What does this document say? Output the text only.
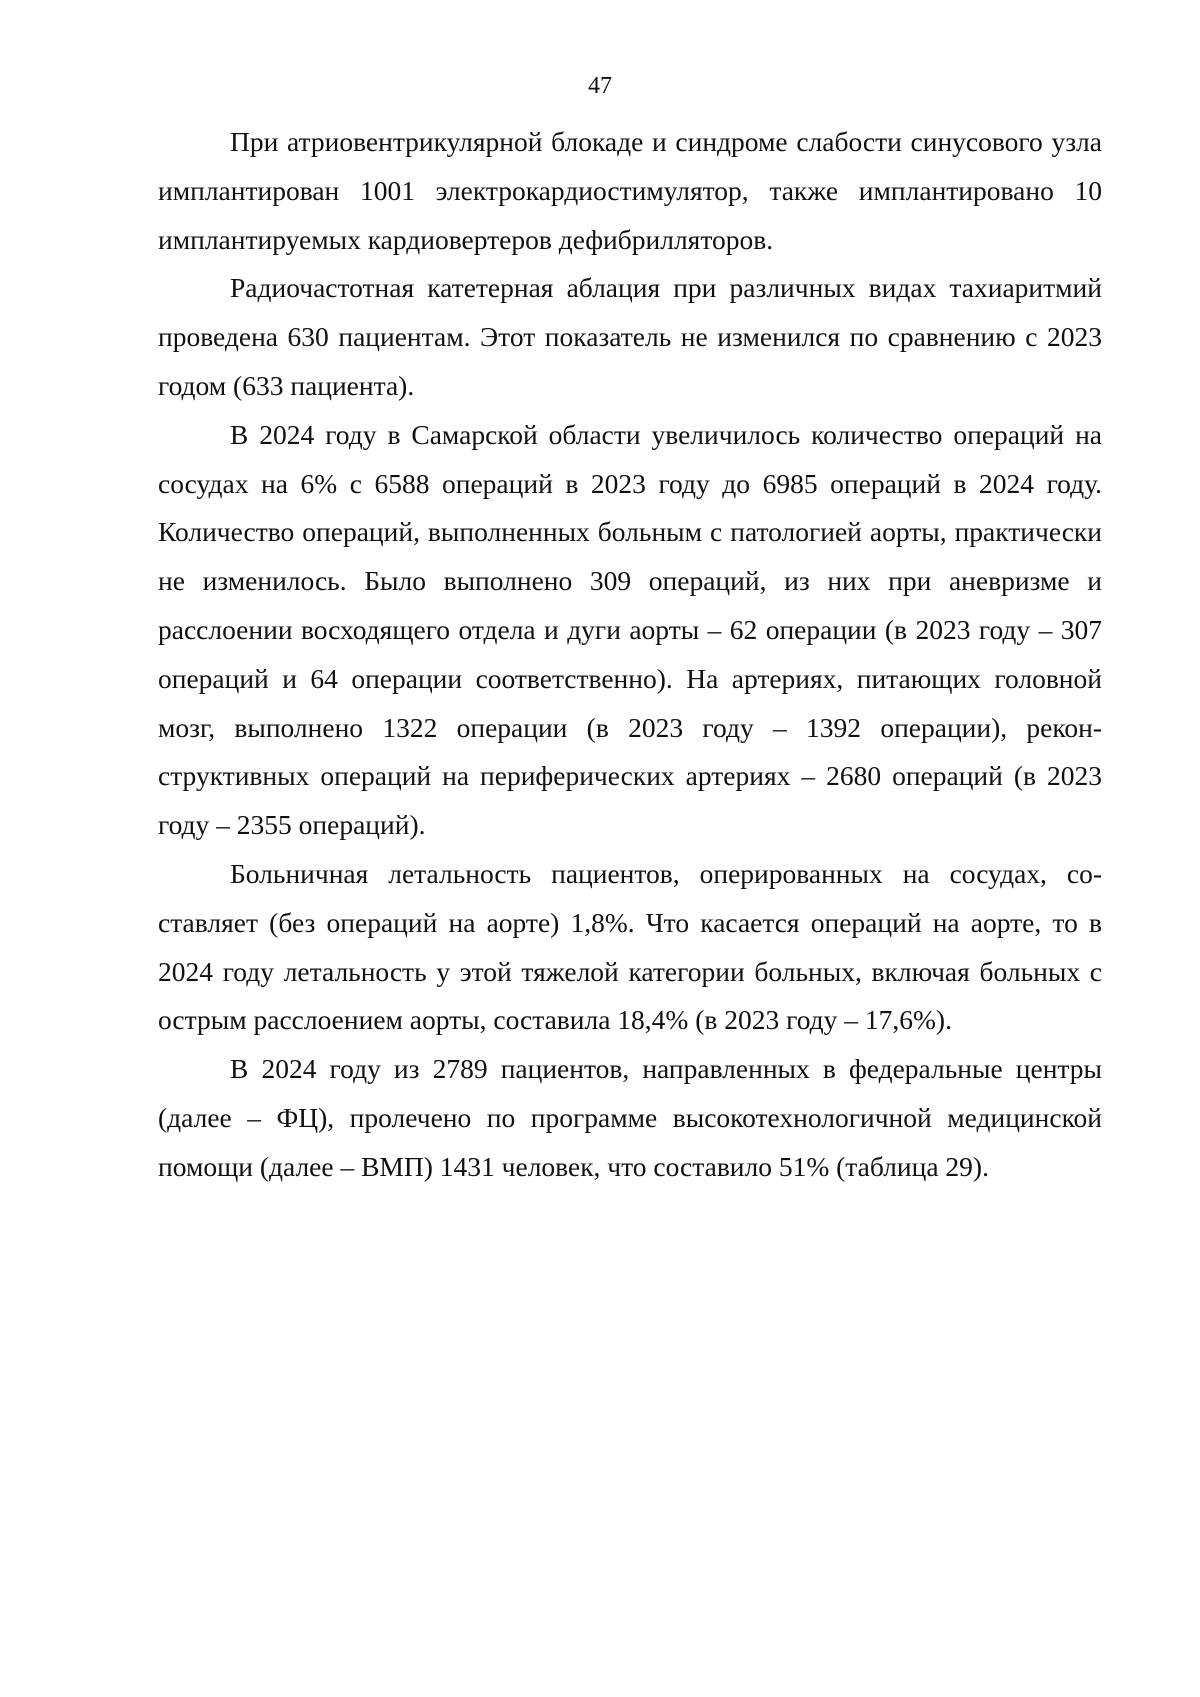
47

При атриовентрикулярной блокаде и синдроме слабости синусового узла имплантирован 1001 электрокардиостимулятор, также имплантировано 10 имплантируемых кардиовертеров дефибрилляторов.

Радиочастотная катетерная аблация при различных видах тахиаритмий проведена 630 пациентам. Этот показатель не изменился по сравнению с 2023 годом (633 пациента).

В 2024 году в Самарской области увеличилось количество операций на сосудах на 6% с 6588 операций в 2023 году до 6985 операций в 2024 году. Количество операций, выполненных больным с патологией аорты, практически не изменилось. Было выполнено 309 операций, из них при аневризме и расслоении восходящего отдела и дуги аорты – 62 операции (в 2023 году – 307 операций и 64 операции соответственно). На артериях, питающих головной мозг, выполнено 1322 операции (в 2023 году – 1392 операции), реконструктивных операций на периферических артериях – 2680 операций (в 2023 году – 2355 операций).

Больничная летальность пациентов, оперированных на сосудах, составляет (без операций на аорте) 1,8%. Что касается операций на аорте, то в 2024 году летальность у этой тяжелой категории больных, включая больных с острым расслоением аорты, составила 18,4% (в 2023 году – 17,6%).

В 2024 году из 2789 пациентов, направленных в федеральные центры (далее – ФЦ), пролечено по программе высокотехнологичной медицинской помощи (далее – ВМП) 1431 человек, что составило 51% (таблица 29).
